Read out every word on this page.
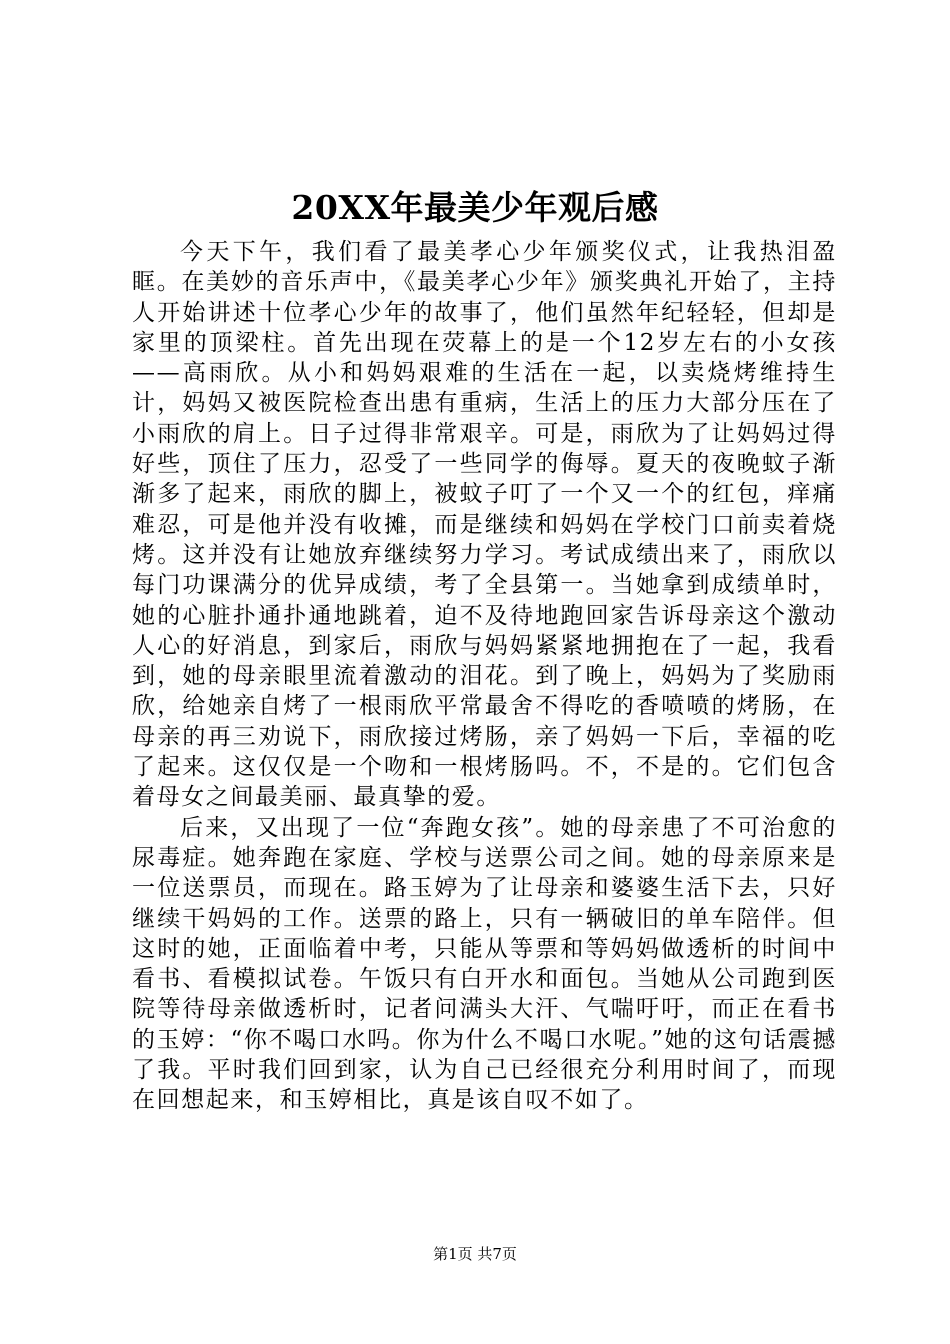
20XX年最美少年观后感

今天下午，我们看了最美孝心少年颁奖仪式，让我热泪盈眶。在美妙的音乐声中，《最美孝心少年》颁奖典礼开始了，主持人开始讲述十位孝心少年的故事了，他们虽然年纪轻轻，但却是家里的顶梁柱。首先出现在荧幕上的是一个12岁左右的小女孩——高雨欣。从小和妈妈艰难的生活在一起，以卖烧烤维持生计，妈妈又被医院检查出患有重病，生活上的压力大部分压在了小雨欣的肩上。日子过得非常艰辛。可是，雨欣为了让妈妈过得好些，顶住了压力，忍受了一些同学的侮辱。夏天的夜晚蚊子渐渐多了起来，雨欣的脚上，被蚊子叮了一个又一个的红包，痒痛难忍，可是他并没有收摊，而是继续和妈妈在学校门口前卖着烧烤。这并没有让她放弃继续努力学习。考试成绩出来了，雨欣以每门功课满分的优异成绩，考了全县第一。当她拿到成绩单时，她的心脏扑通扑通地跳着，迫不及待地跑回家告诉母亲这个激动人心的好消息，到家后，雨欣与妈妈紧紧地拥抱在了一起，我看到，她的母亲眼里流着激动的泪花。到了晚上，妈妈为了奖励雨欣，给她亲自烤了一根雨欣平常最舍不得吃的香喷喷的烤肠，在母亲的再三劝说下，雨欣接过烤肠，亲了妈妈一下后，幸福的吃了起来。这仅仅是一个吻和一根烤肠吗。不，不是的。它们包含着母女之间最美丽、最真挚的爱。

后来，又出现了一位“奔跑女孩”。她的母亲患了不可治愈的尿毒症。她奔跑在家庭、学校与送票公司之间。她的母亲原来是一位送票员，而现在。路玉婷为了让母亲和婆婆生活下去，只好继续干妈妈的工作。送票的路上，只有一辆破旧的单车陪伴。但这时的她，正面临着中考，只能从等票和等妈妈做透析的时间中看书、看模拟试卷。午饭只有白开水和面包。当她从公司跑到医院等待母亲做透析时，记者问满头大汗、气喘吁吁，而正在看书的玉婷：“你不喝口水吗。你为什么不喝口水呢。”她的这句话震撼了我。平时我们回到家，认为自己已经很充分利用时间了，而现在回想起来，和玉婷相比，真是该自叹不如了。

第1页 共7页
